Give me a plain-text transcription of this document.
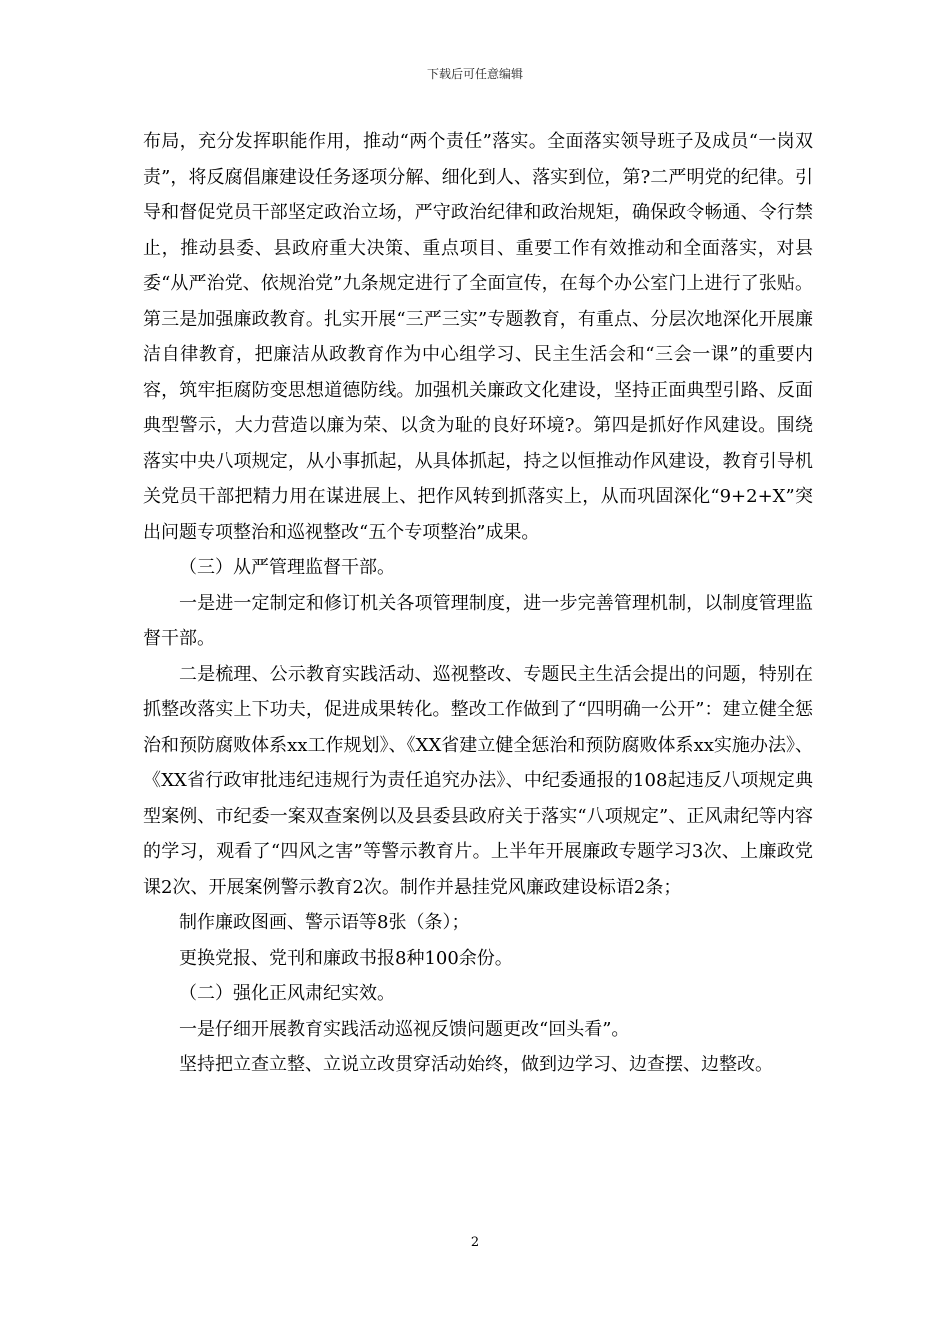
下载后可任意编辑

布局，充分发挥职能作用，推动“两个责任”落实。全面落实领导班子及成员“一岗双责”，将反腐倡廉建设任务逐项分解、细化到人、落实到位，第?二严明党的纪律。引导和督促党员干部坚定政治立场，严守政治纪律和政治规矩，确保政令畅通、令行禁止，推动县委、县政府重大决策、重点项目、重要工作有效推动和全面落实，对县委“从严治党、依规治党”九条规定进行了全面宣传，在每个办公室门上进行了张贴。第三是加强廉政教育。扎实开展“三严三实”专题教育，有重点、分层次地深化开展廉洁自律教育，把廉洁从政教育作为中心组学习、民主生活会和“三会一课”的重要内容，筑牢拒腐防变思想道德防线。加强机关廉政文化建设，坚持正面典型引路、反面典型警示，大力营造以廉为荣、以贪为耻的良好环境?。第四是抓好作风建设。围绕落实中央八项规定，从小事抓起，从具体抓起，持之以恒推动作风建设，教育引导机关党员干部把精力用在谋进展上、把作风转到抓落实上，从而巩固深化“9+2+X”突出问题专项整治和巡视整改“五个专项整治”成果。

（三）从严管理监督干部。

一是进一定制定和修订机关各项管理制度，进一步完善管理机制，以制度管理监督干部。

二是梳理、公示教育实践活动、巡视整改、专题民主生活会提出的问题，特别在抓整改落实上下功夫，促进成果转化。整改工作做到了“四明确一公开”：建立健全惩治和预防腐败体系xx工作规划》、《XX省建立健全惩治和预防腐败体系xx实施办法》、《XX省行政审批违纪违规行为责任追究办法》、中纪委通报的108起违反八项规定典型案例、市纪委一案双查案例以及县委县政府关于落实“八项规定”、正风肃纪等内容的学习，观看了“四风之害”等警示教育片。上半年开展廉政专题学习3次、上廉政党课2次、开展案例警示教育2次。制作并悬挂党风廉政建设标语2条；

制作廉政图画、警示语等8张（条）；

更换党报、党刊和廉政书报8种100余份。

（二）强化正风肃纪实效。

一是仔细开展教育实践活动巡视反馈问题更改“回头看”。

坚持把立查立整、立说立改贯穿活动始终，做到边学习、边查摆、边整改。

2
